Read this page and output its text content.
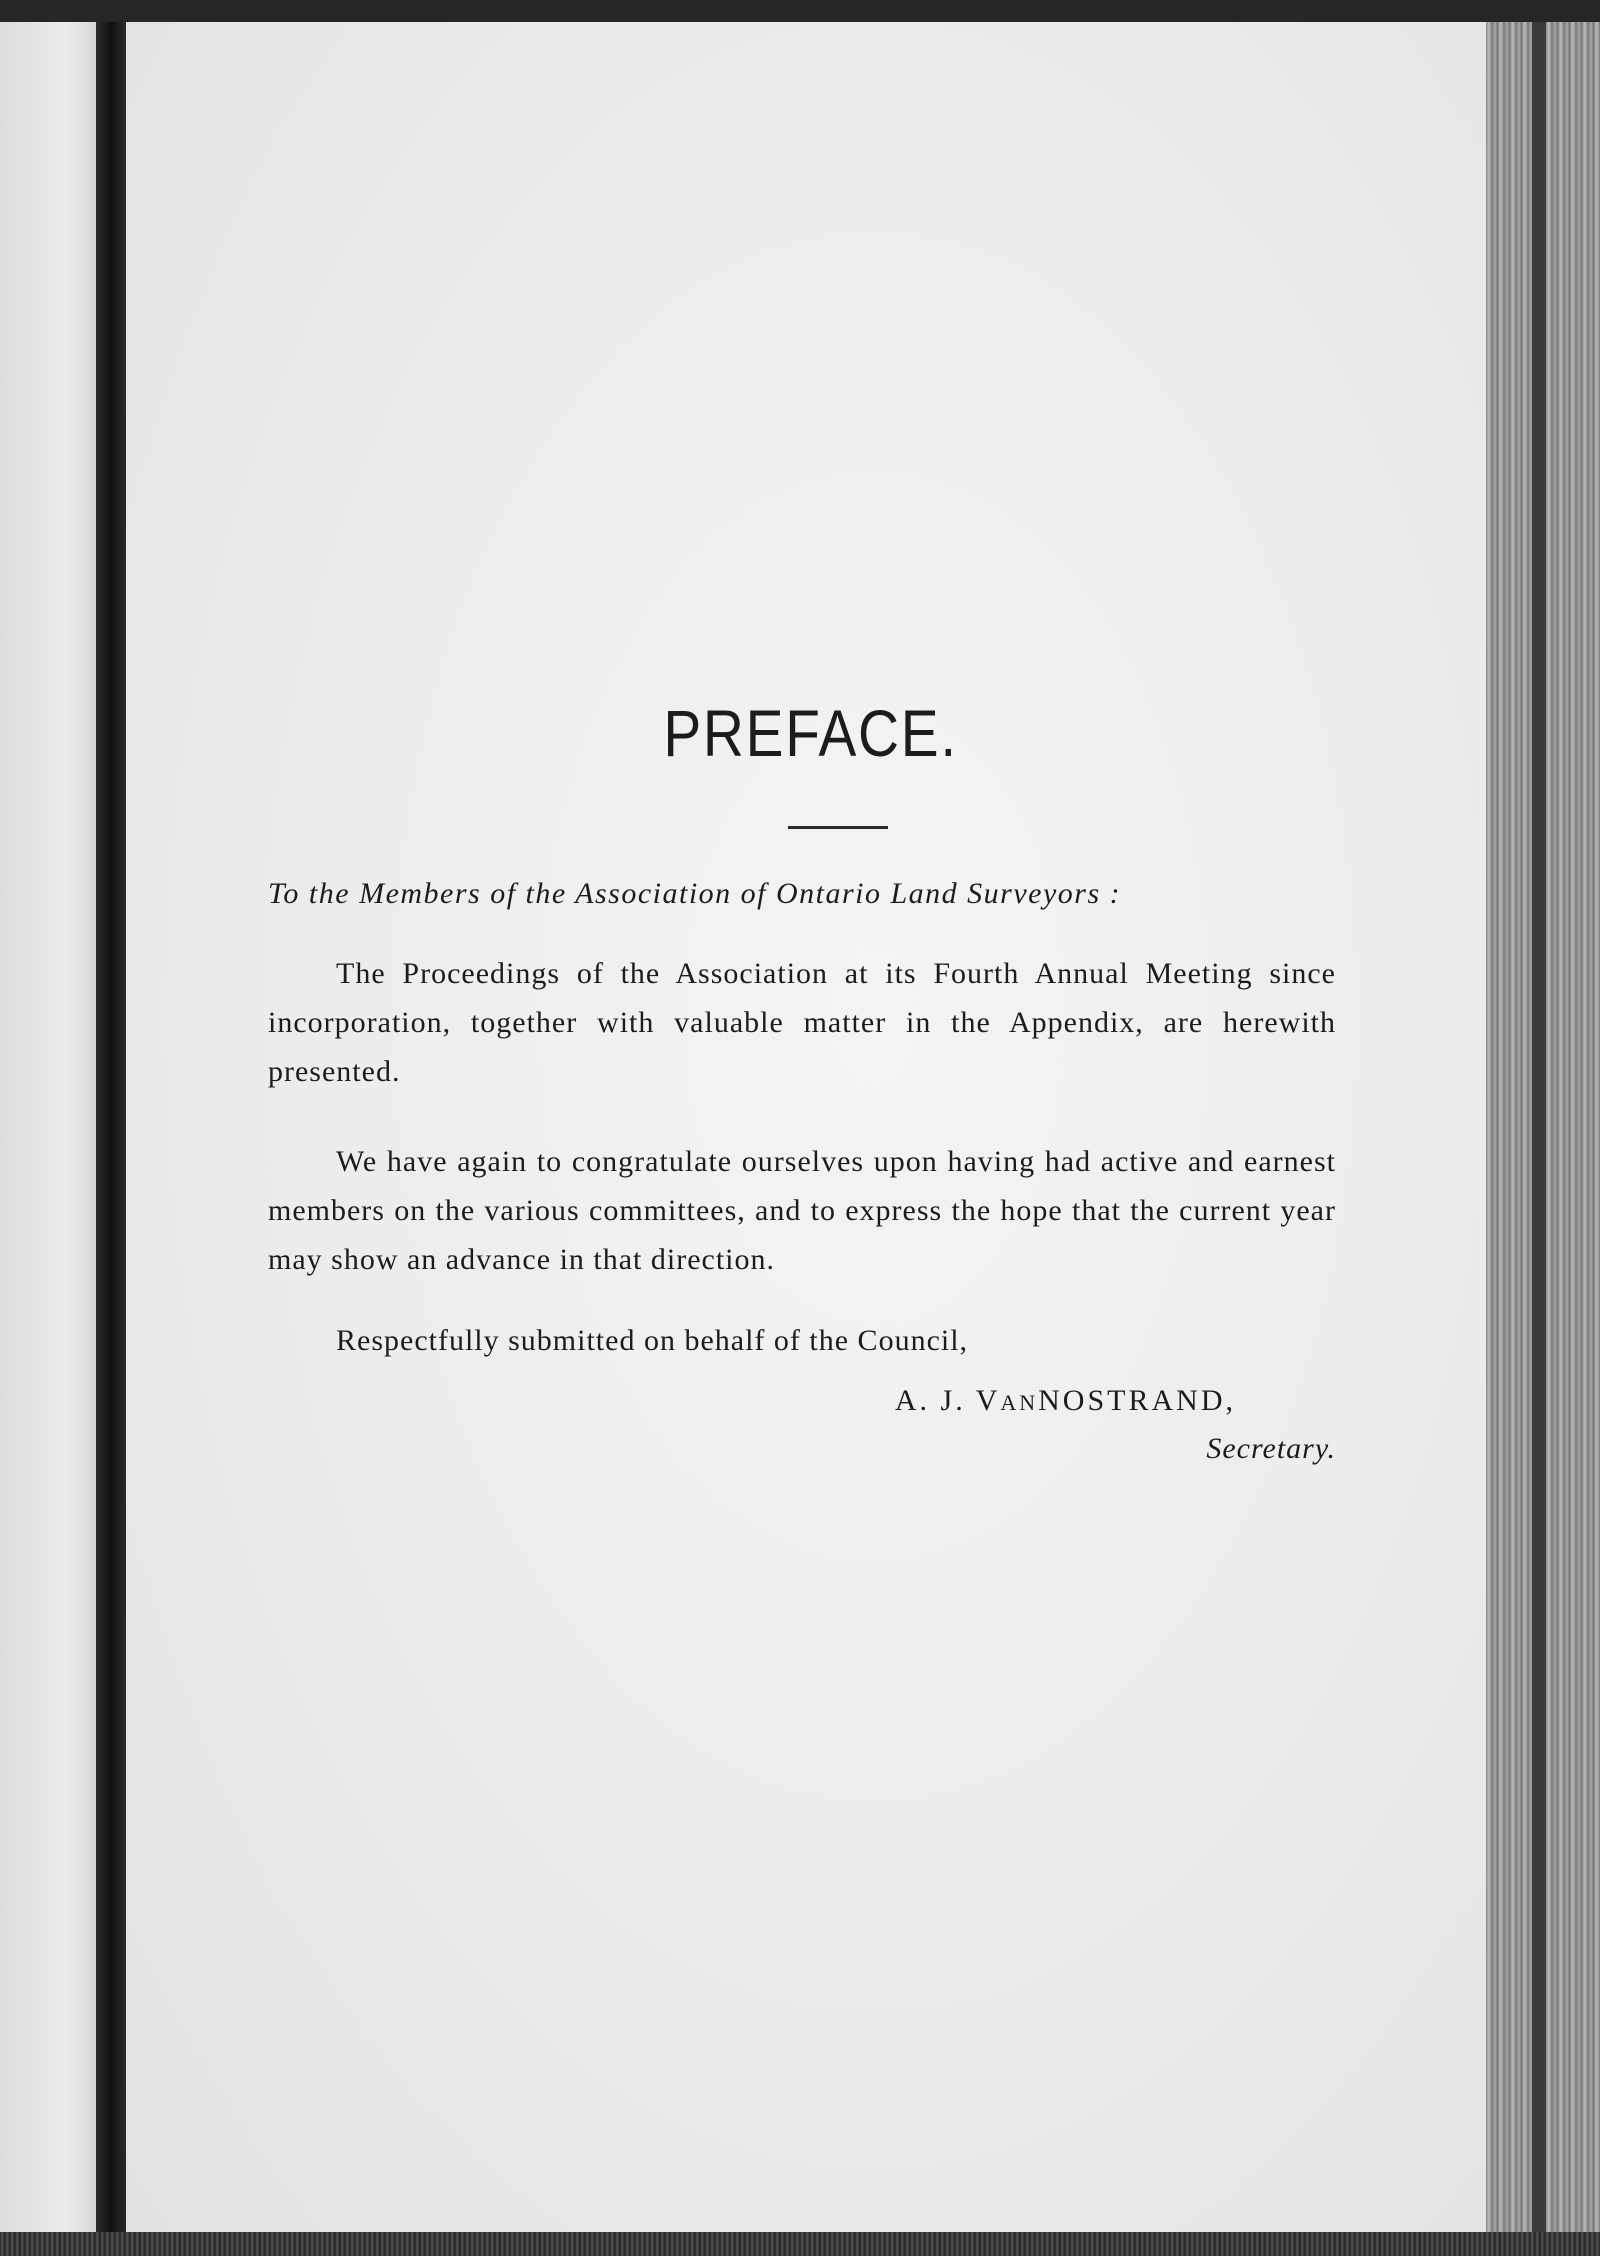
PREFACE.

To the Members of the Association of Ontario Land Surveyors :

The Proceedings of the Association at its Fourth Annual Meeting since incorporation, together with valuable matter in the Appendix, are herewith presented.

We have again to congratulate ourselves upon having had active and earnest members on the various committees, and to express the hope that the current year may show an advance in that direction.

Respectfully submitted on behalf of the Council,

A. J. VANNOSTRAND,

Secretary.
